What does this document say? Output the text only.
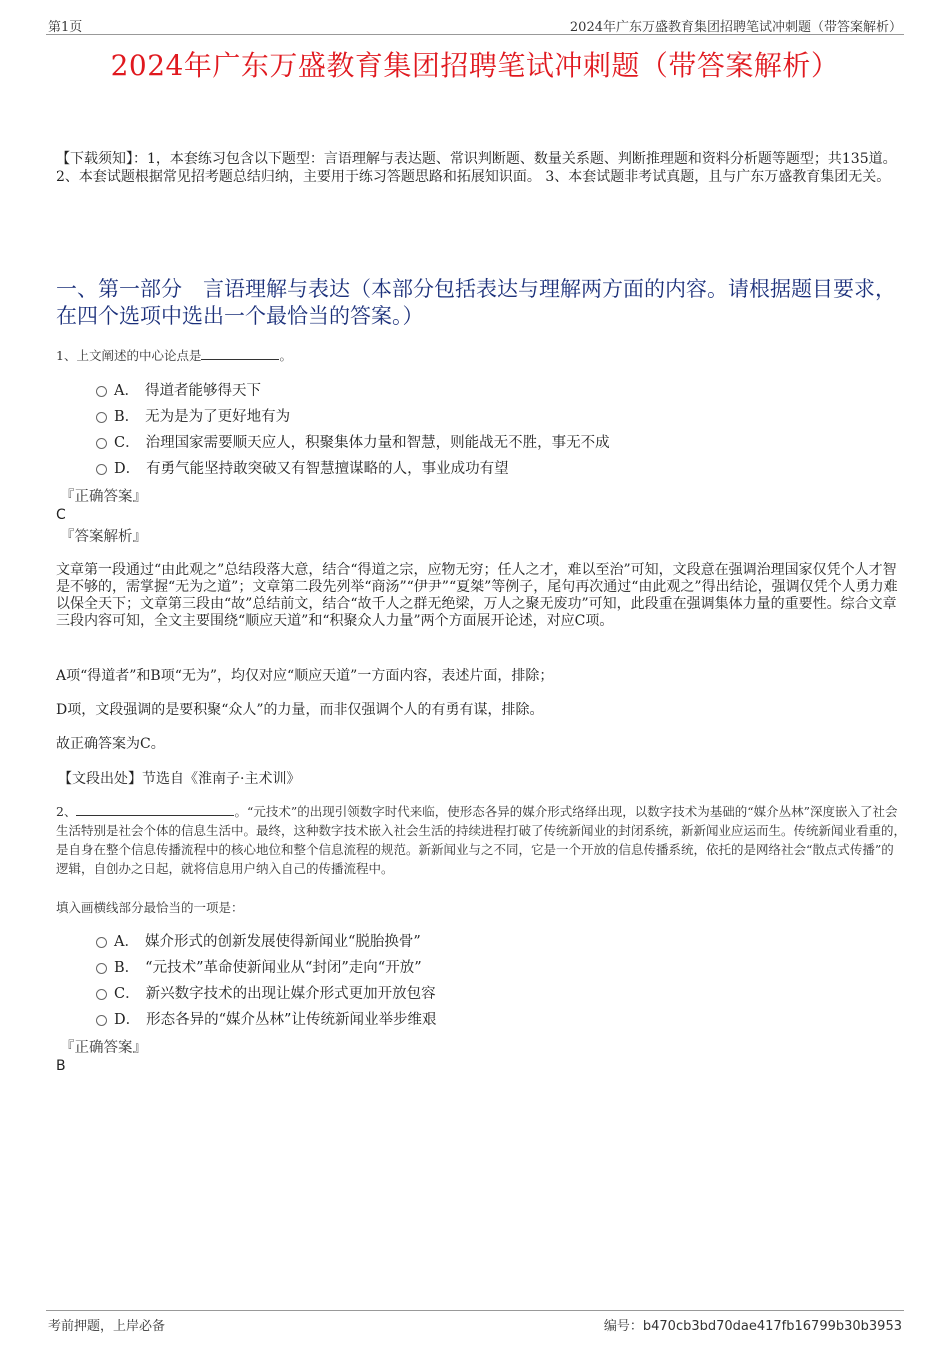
第1页	2024年广东万盛教育集团招聘笔试冲刺题（带答案解析）
2024年广东万盛教育集团招聘笔试冲刺题（带答案解析）
【下载须知】：1，本套练习包含以下题型：言语理解与表达题、常识判断题、数量关系题、判断推理题和资料分析题等题型；共135道。 2、本套试题根据常见招考题总结归纳，主要用于练习答题思路和拓展知识面。 3、本套试题非考试真题，且与广东万盛教育集团无关。
一、第一部分　言语理解与表达（本部分包括表达与理解两方面的内容。请根据题目要求，在四个选项中选出一个最恰当的答案。）
1、上文阐述的中心论点是	。
A． 得道者能够得天下
B． 无为是为了更好地有为
C． 治理国家需要顺天应人，积聚集体力量和智慧，则能战无不胜，事无不成
D． 有勇气能坚持敢突破又有智慧擅谋略的人，事业成功有望
『正确答案』
C
『答案解析』

文章第一段通过“由此观之”总结段落大意，结合“得道之宗，应物无穷；任人之才，难以至治”可知，文段意在强调治理国家仅凭个人才智是不够的，需掌握“无为之道”；文章第二段先列举“商汤”“伊尹”“夏桀”等例子，尾句再次通过“由此观之”得出结论，强调仅凭个人勇力难以保全天下；文章第三段由“故”总结前文，结合“故千人之群无绝梁，万人之聚无废功”可知，此段重在强调集体力量的重要性。综合文章三段内容可知，全文主要围绕“顺应天道”和“积聚众人力量”两个方面展开论述，对应C项。

A项“得道者”和B项“无为”，均仅对应“顺应天道”一方面内容，表述片面，排除；

D项，文段强调的是要积聚“众人”的力量，而非仅强调个人的有勇有谋，排除。

故正确答案为C。

【文段出处】节选自《淮南子·主术训》
2、	。“元技术”的出现引领数字时代来临，使形态各异的媒介形式络绎出现，以数字技术为基础的“媒介丛林”深度嵌入了社会生活特别是社会个体的信息生活中。最终，这种数字技术嵌入社会生活的持续进程打破了传统新闻业的封闭系统，新新闻业应运而生。传统新闻业看重的，是自身在整个信息传播流程中的核心地位和整个信息流程的规范。新新闻业与之不同，它是一个开放的信息传播系统，依托的是网络社会“散点式传播”的逻辑，自创办之日起，就将信息用户纳入自己的传播流程中。
填入画横线部分最恰当的一项是：
A． 媒介形式的创新发展使得新闻业“脱胎换骨”
B． “元技术”革命使新闻业从“封闭”走向“开放”
C． 新兴数字技术的出现让媒介形式更加开放包容
D． 形态各异的“媒介丛林”让传统新闻业举步维艰
『正确答案』
B
考前押题，上岸必备	编号：b470cb3bd70dae417fb16799b30b3953
